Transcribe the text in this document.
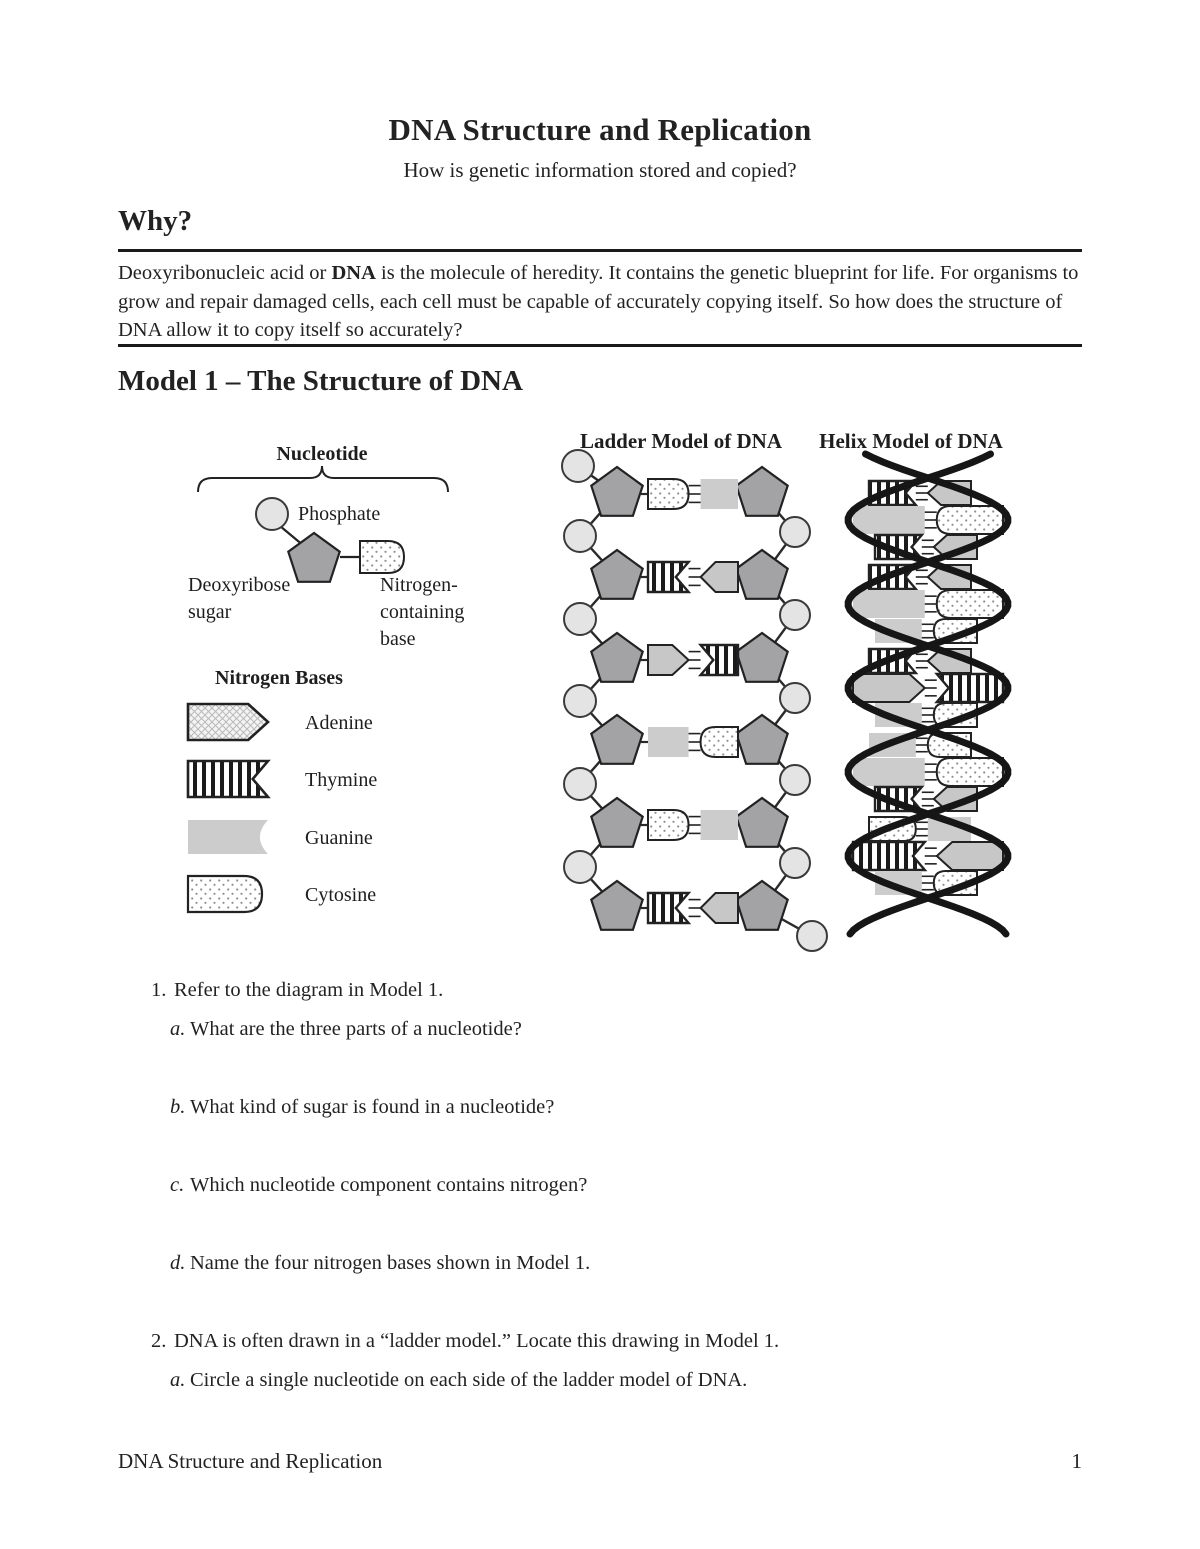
DNA Structure and Replication
How is genetic information stored and copied?
Why?
Deoxyribonucleic acid or DNA is the molecule of heredity. It contains the genetic blueprint for life. For organisms to grow and repair damaged cells, each cell must be capable of accurately copying itself. So how does the structure of DNA allow it to copy itself so accurately?
Model 1 – The Structure of DNA
Nucleotide
Phosphate
Deoxyribose
sugar
Nitrogen-
containing
base
Nitrogen Bases
Adenine
Thymine
Guanine
Cytosine
Ladder Model of DNA Helix Model of DNA
1. Refer to the diagram in Model 1.
a. What are the three parts of a nucleotide?
b. What kind of sugar is found in a nucleotide?
c. Which nucleotide component contains nitrogen?
d. Name the four nitrogen bases shown in Model 1.
2. DNA is often drawn in a “ladder model.” Locate this drawing in Model 1.
a. Circle a single nucleotide on each side of the ladder model of DNA.
DNA Structure and Replication	1
